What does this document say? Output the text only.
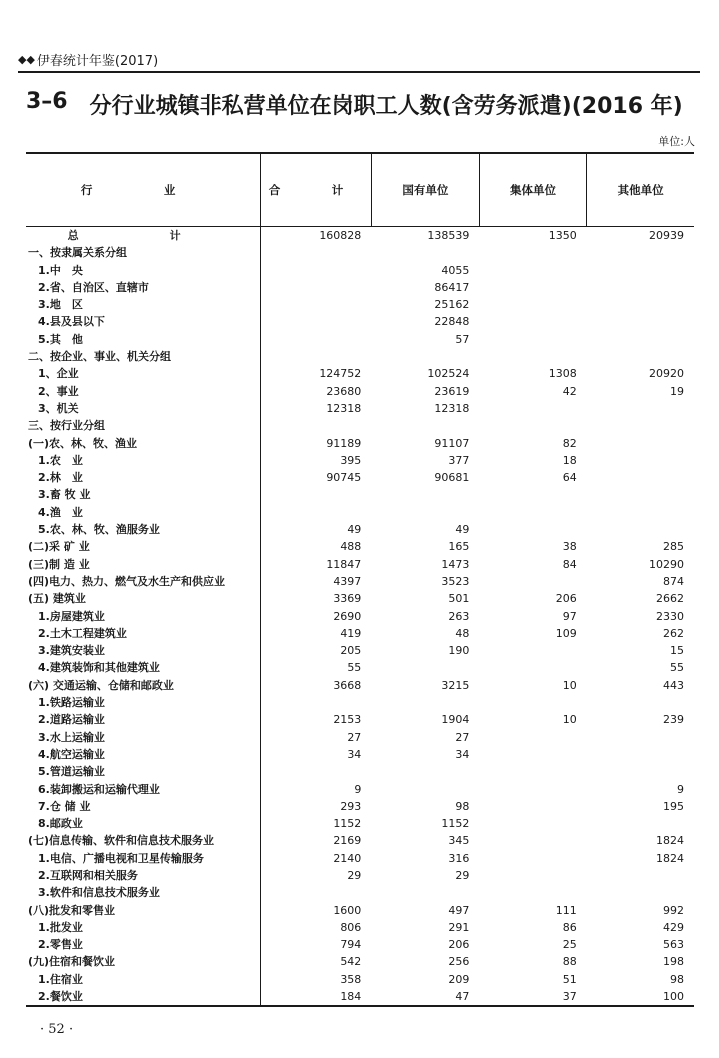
◆◆ 伊春统计年鉴(2017)
3–6 分行业城镇非私营单位在岗职工人数(含劳务派遣)(2016 年)
单位:人
行　业	合　计	国有单位	集体单位	其他单位
总　计	160828	138539	1350	20939
一、按隶属关系分组				
1.中　央		4055		
2.省、自治区、直辖市		86417		
3.地　区		25162		
4.县及县以下		22848		
5.其　他		57		
二、按企业、事业、机关分组				
1、企业	124752	102524	1308	20920
2、事业	23680	23619	42	19
3、机关	12318	12318		
三、按行业分组				
(一)农、林、牧、渔业	91189	91107	82	
1.农　业	395	377	18	
2.林　业	90745	90681	64	
3.畜 牧 业				
4.渔　业				
5.农、林、牧、渔服务业	49	49		
(二)采 矿 业	488	165	38	285
(三)制 造 业	11847	1473	84	10290
(四)电力、热力、燃气及水生产和供应业	4397	3523		874
(五) 建筑业	3369	501	206	2662
1.房屋建筑业	2690	263	97	2330
2.土木工程建筑业	419	48	109	262
3.建筑安装业	205	190		15
4.建筑装饰和其他建筑业	55			55
(六) 交通运输、仓储和邮政业	3668	3215	10	443
1.铁路运输业				
2.道路运输业	2153	1904	10	239
3.水上运输业	27	27		
4.航空运输业	34	34		
5.管道运输业				
6.装卸搬运和运输代理业	9			9
7.仓 储 业	293	98		195
8.邮政业	1152	1152		
(七)信息传输、软件和信息技术服务业	2169	345		1824
1.电信、广播电视和卫星传输服务	2140	316		1824
2.互联网和相关服务	29	29		
3.软件和信息技术服务业				
(八)批发和零售业	1600	497	111	992
1.批发业	806	291	86	429
2.零售业	794	206	25	563
(九)住宿和餐饮业	542	256	88	198
1.住宿业	358	209	51	98
2.餐饮业	184	47	37	100
· 52 ·
